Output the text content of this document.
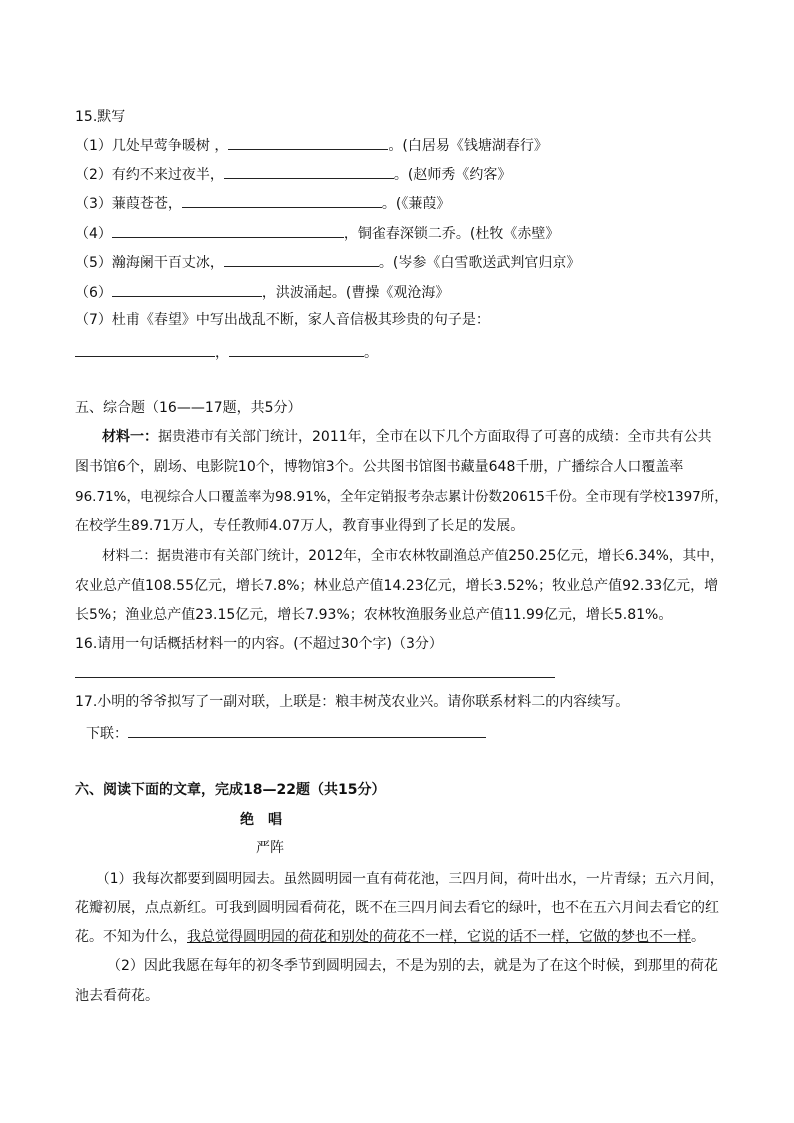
15.默写
（1）几处早莺争暖树 ，	。(白居易《钱塘湖春行》
（2）有约不来过夜半，	。(赵师秀《约客》
（3）蒹葭苍苍，	。(《蒹葭》
（4）	，铜雀春深锁二乔。(杜牧《赤壁》
（5）瀚海阑干百丈冰，	。(岑参《白雪歌送武判官归京》
（6）	，洪波涌起。(曹操《观沧海》
（7）杜甫《春望》中写出战乱不断，家人音信极其珍贵的句子是：
，	。
五、综合题（16——17题，共5分）
材料一：据贵港市有关部门统计，2011年，全市在以下几个方面取得了可喜的成绩：全市共有公共
图书馆6个，剧场、电影院10个，博物馆3个。公共图书馆图书藏量648千册，广播综合人口覆盖率
96.71%，电视综合人口覆盖率为98.91%，全年定销报考杂志累计份数20615千份。全市现有学校1397所，
在校学生89.71万人，专任教师4.07万人，教育事业得到了长足的发展。
材料二：据贵港市有关部门统计，2012年，全市农林牧副渔总产值250.25亿元，增长6.34%，其中，
农业总产值108.55亿元，增长7.8%；林业总产值14.23亿元，增长3.52%；牧业总产值92.33亿元，增
长5%；渔业总产值23.15亿元，增长7.93%；农林牧渔服务业总产值11.99亿元，增长5.81%。
16.请用一句话概括材料一的内容。(不超过30个字)（3分）
17.小明的爷爷拟写了一副对联，上联是：粮丰树茂农业兴。请你联系材料二的内容续写。
下联：
六、阅读下面的文章，完成18—22题（共15分）
绝　唱
严阵
（1）我每次都要到圆明园去。虽然圆明园一直有荷花池，三四月间，荷叶出水，一片青绿；五六月间，
花瓣初展，点点新红。可我到圆明园看荷花，既不在三四月间去看它的绿叶，也不在五六月间去看它的红
花。不知为什么，我总觉得圆明园的荷花和别处的荷花不一样，它说的话不一样，它做的梦也不一样。
（2）因此我愿在每年的初冬季节到圆明园去，不是为别的去，就是为了在这个时候，到那里的荷花
池去看荷花。
